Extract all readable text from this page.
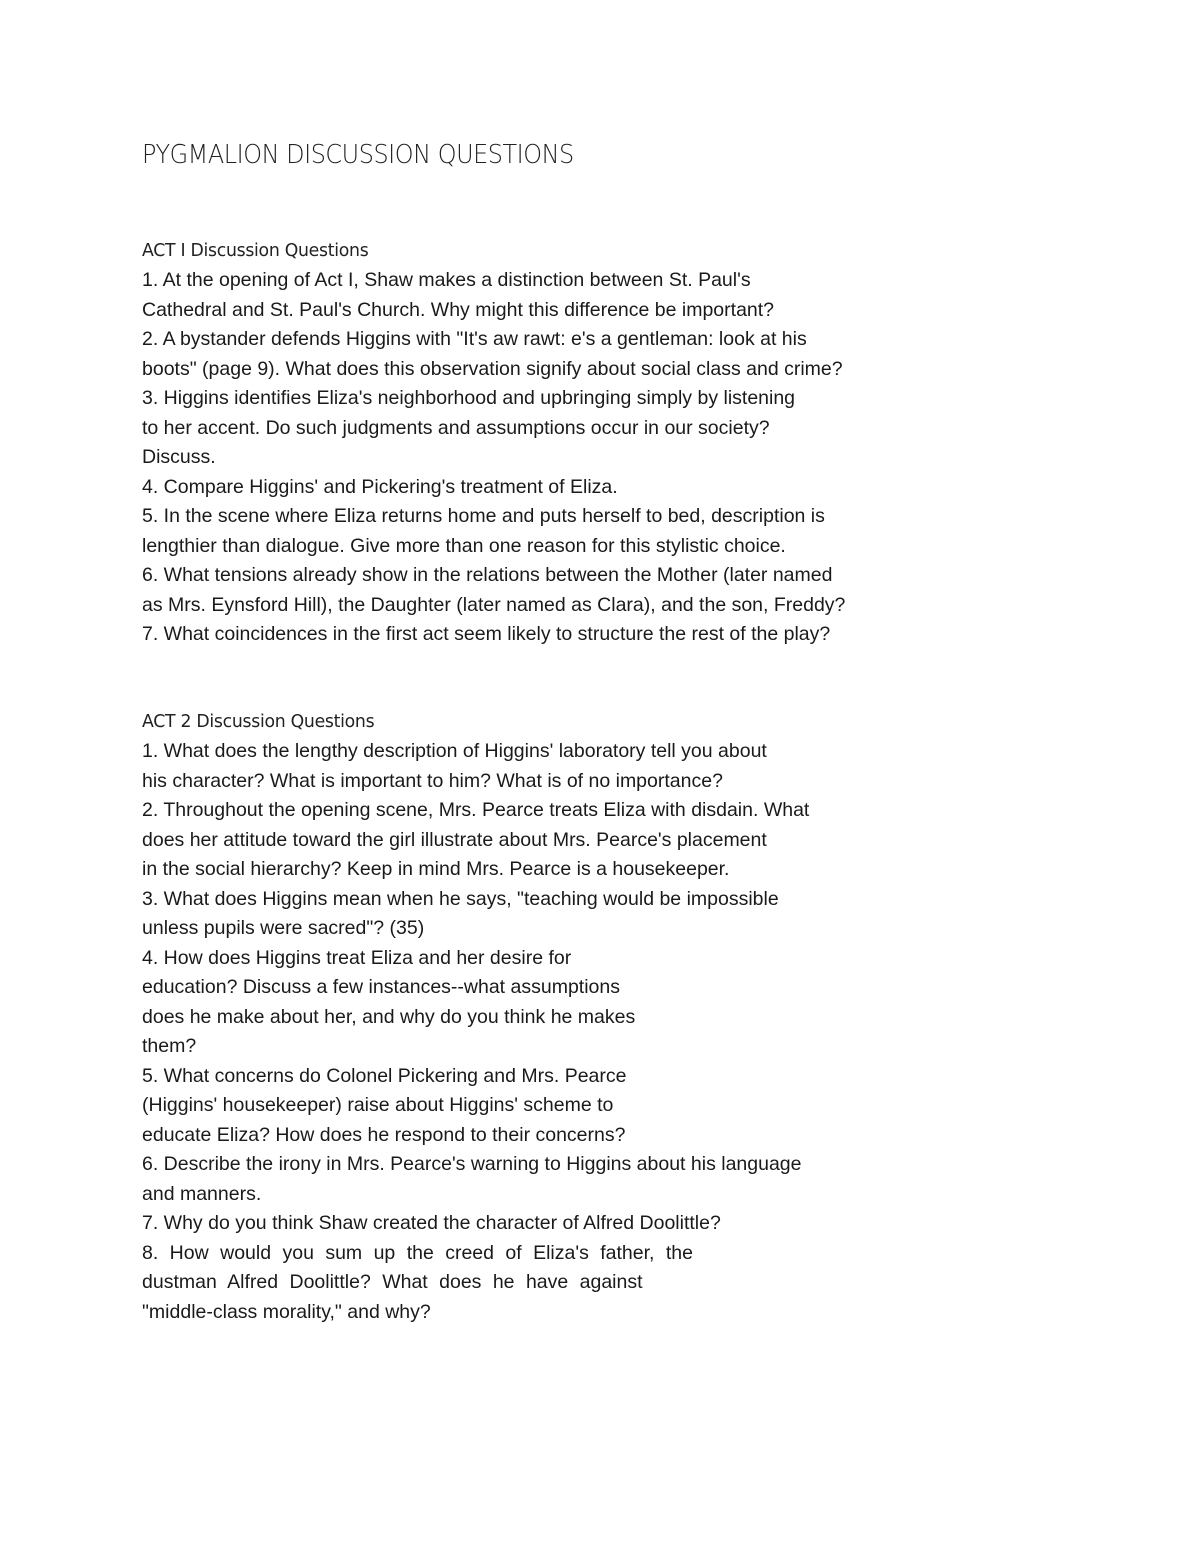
PYGMALION DISCUSSION QUESTIONS
ACT I Discussion Questions
1. At the opening of Act I, Shaw makes a distinction between St. Paul's
Cathedral and St. Paul's Church. Why might this difference be important?
2. A bystander defends Higgins with "It's aw rawt: e's a gentleman: look at his
boots" (page 9). What does this observation signify about social class and crime?
3. Higgins identifies Eliza's neighborhood and upbringing simply by listening
to her accent. Do such judgments and assumptions occur in our society?
Discuss.
4. Compare Higgins' and Pickering's treatment of Eliza.
5. In the scene where Eliza returns home and puts herself to bed, description is
lengthier than dialogue. Give more than one reason for this stylistic choice.
6. What tensions already show in the relations between the Mother (later named
as Mrs. Eynsford Hill), the Daughter (later named as Clara), and the son, Freddy?
7. What coincidences in the first act seem likely to structure the rest of the play?
ACT 2 Discussion Questions
1. What does the lengthy description of Higgins' laboratory tell you about
his character? What is important to him? What is of no importance?
2. Throughout the opening scene, Mrs. Pearce treats Eliza with disdain. What
does her attitude toward the girl illustrate about Mrs. Pearce's placement
in the social hierarchy? Keep in mind Mrs. Pearce is a housekeeper.
3. What does Higgins mean when he says, "teaching would be impossible
unless pupils were sacred"? (35)
4. How does Higgins treat Eliza and her desire for
education? Discuss a few instances--what assumptions
does he make about her, and why do you think he makes
them?
5. What concerns do Colonel Pickering and Mrs. Pearce
(Higgins' housekeeper) raise about Higgins' scheme to
educate Eliza? How does he respond to their concerns?
6. Describe the irony in Mrs. Pearce's warning to Higgins about his language
and manners.
7. Why do you think Shaw created the character of Alfred Doolittle?
8. How would you sum up the creed of Eliza's father, the
dustman Alfred Doolittle? What does he have against
"middle-class morality," and why?
